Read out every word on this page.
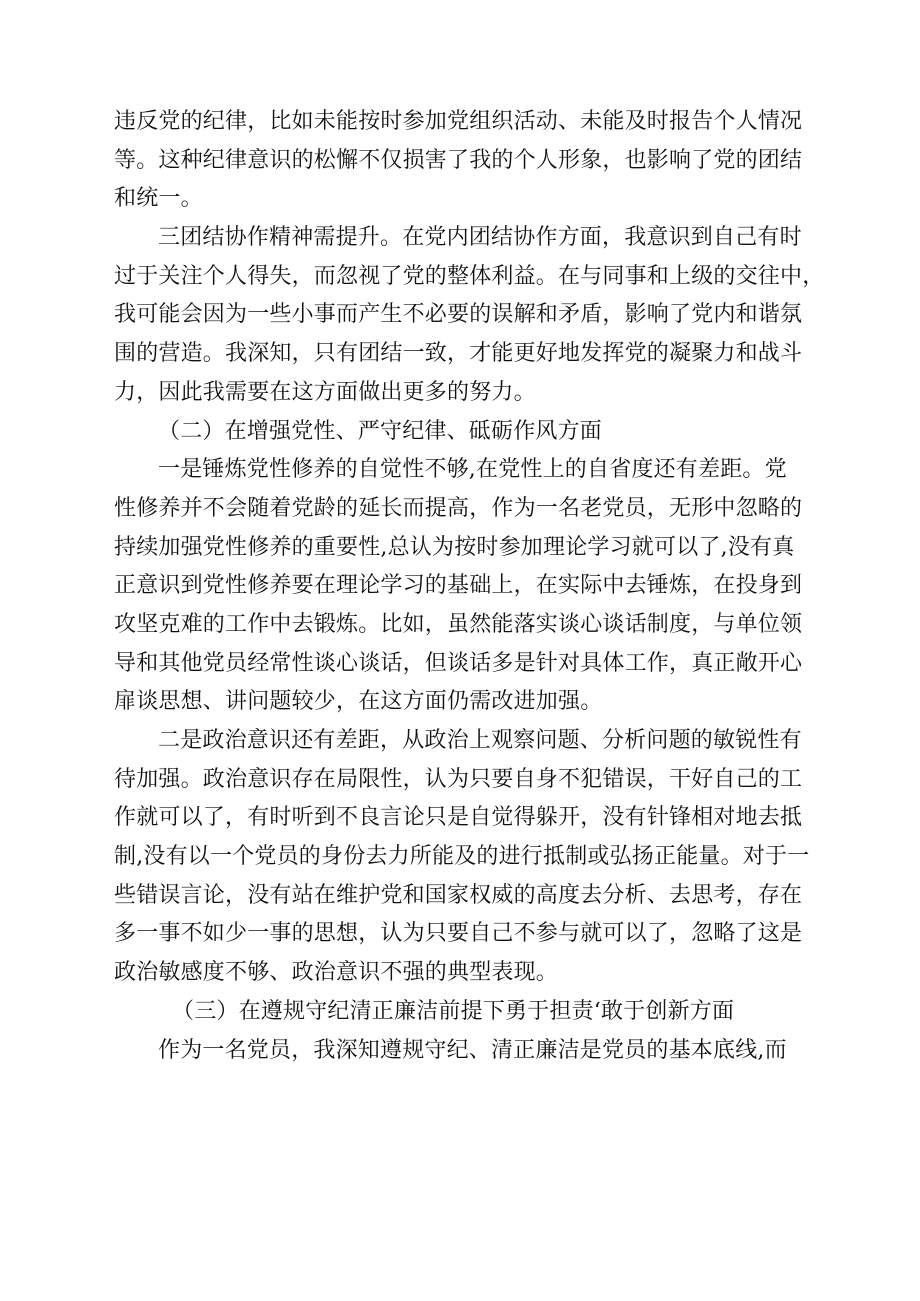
违反党的纪律，比如未能按时参加党组织活动、未能及时报告个人情况
等。这种纪律意识的松懈不仅损害了我的个人形象，也影响了党的团结
和统一。
三团结协作精神需提升。在党内团结协作方面，我意识到自己有时
过于关注个人得失，而忽视了党的整体利益。在与同事和上级的交往中，
我可能会因为一些小事而产生不必要的误解和矛盾，影响了党内和谐氛
围的营造。我深知，只有团结一致，才能更好地发挥党的凝聚力和战斗
力，因此我需要在这方面做出更多的努力。
（二）在增强党性、严守纪律、砥砺作风方面
一是锤炼党性修养的自觉性不够,在党性上的自省度还有差距。党
性修养并不会随着党龄的延长而提高，作为一名老党员，无形中忽略的
持续加强党性修养的重要性,总认为按时参加理论学习就可以了,没有真
正意识到党性修养要在理论学习的基础上，在实际中去锤炼，在投身到
攻坚克难的工作中去锻炼。比如，虽然能落实谈心谈话制度，与单位领
导和其他党员经常性谈心谈话，但谈话多是针对具体工作，真正敞开心
扉谈思想、讲问题较少，在这方面仍需改进加强。
二是政治意识还有差距，从政治上观察问题、分析问题的敏锐性有
待加强。政治意识存在局限性，认为只要自身不犯错误，干好自己的工
作就可以了，有时听到不良言论只是自觉得躲开，没有针锋相对地去抵
制,没有以一个党员的身份去力所能及的进行抵制或弘扬正能量。对于一
些错误言论，没有站在维护党和国家权威的高度去分析、去思考，存在
多一事不如少一事的思想，认为只要自己不参与就可以了，忽略了这是
政治敏感度不够、政治意识不强的典型表现。
（三）在遵规守纪清正廉洁前提下勇于担责‘敢于创新方面
作为一名党员，我深知遵规守纪、清正廉洁是党员的基本底线,而
